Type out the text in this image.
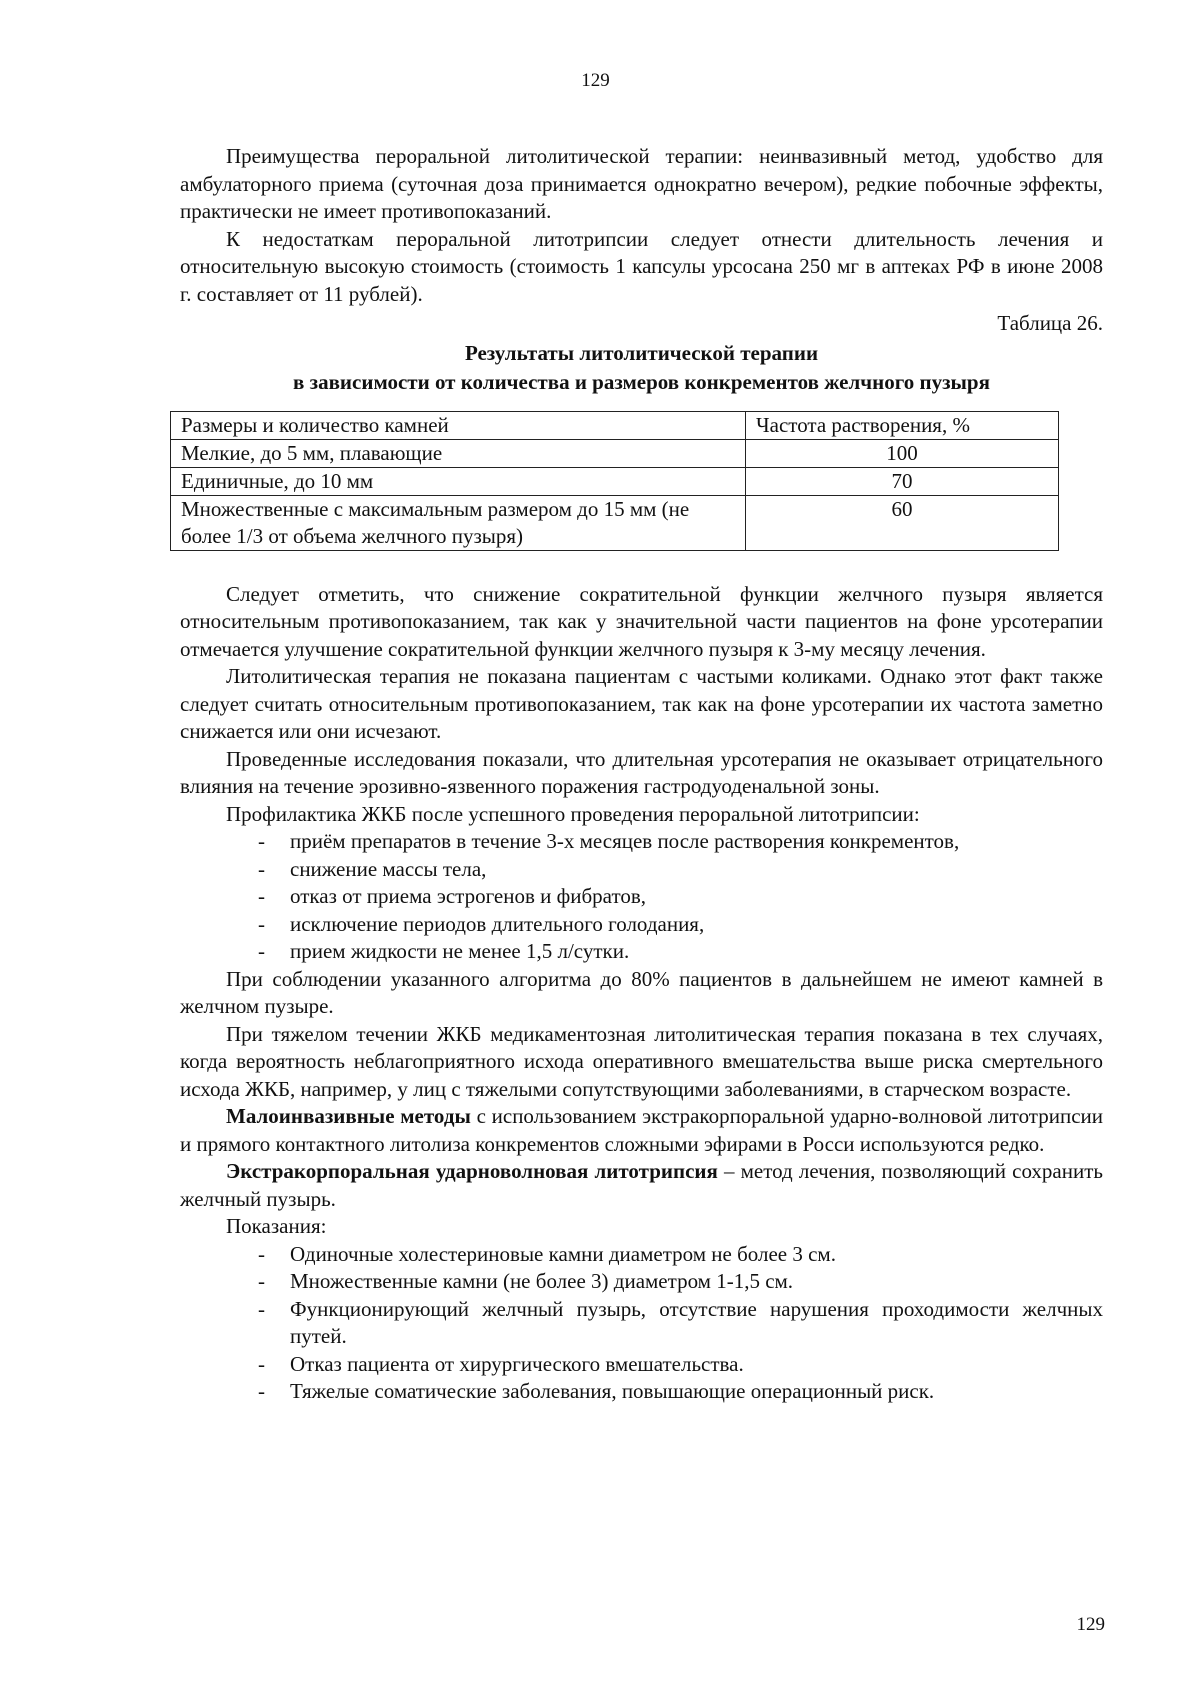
129

Преимущества пероральной литолитической терапии: неинвазивный метод, удобство для амбулаторного приема (суточная доза принимается однократно вечером), редкие побочные эффекты, практически не имеет противопоказаний.

К недостаткам пероральной литотрипсии следует отнести длительность лечения и относительную высокую стоимость (стоимость 1 капсулы урсосана 250 мг в аптеках РФ в июне 2008 г. составляет от 11 рублей).

Таблица 26.

Результаты литолитической терапии

в зависимости от количества и размеров конкрементов желчного пузыря

Размеры и количество камней	Частота растворения, %
Мелкие, до 5 мм, плавающие	100
Единичные, до 10 мм	70
Множественные с максимальным размером до 15 мм (не более 1/3 от объема желчного пузыря)	60

Следует отметить, что снижение сократительной функции желчного пузыря является относительным противопоказанием, так как у значительной части пациентов на фоне урсотерапии отмечается улучшение сократительной функции желчного пузыря к 3-му месяцу лечения.

Литолитическая терапия не показана пациентам с частыми коликами. Однако этот факт также следует считать относительным противопоказанием, так как на фоне урсотерапии их частота заметно снижается или они исчезают.

Проведенные исследования показали, что длительная урсотерапия не оказывает отрицательного влияния на течение эрозивно-язвенного поражения гастродуоденальной зоны.

Профилактика ЖКБ после успешного проведения пероральной литотрипсии:

- приём препаратов в течение 3-х месяцев после растворения конкрементов,
- снижение массы тела,
- отказ от приема эстрогенов и фибратов,
- исключение периодов длительного голодания,
- прием жидкости не менее 1,5 л/сутки.

При соблюдении указанного алгоритма до 80% пациентов в дальнейшем не имеют камней в желчном пузыре.

При тяжелом течении ЖКБ медикаментозная литолитическая терапия показана в тех случаях, когда вероятность неблагоприятного исхода оперативного вмешательства выше риска смертельного исхода ЖКБ, например, у лиц с тяжелыми сопутствующими заболеваниями, в старческом возрасте.

Малоинвазивные методы с использованием экстракорпоральной ударно-волновой литотрипсии и прямого контактного литолиза конкрементов сложными эфирами в Росси используются редко.

Экстракорпоральная ударноволновая литотрипсия – метод лечения, позволяющий сохранить желчный пузырь.

Показания:

- Одиночные холестериновые камни диаметром не более 3 см.
- Множественные камни (не более 3) диаметром 1-1,5 см.
- Функционирующий желчный пузырь, отсутствие нарушения проходимости желчных путей.
- Отказ пациента от хирургического вмешательства.
- Тяжелые соматические заболевания, повышающие операционный риск.
129
